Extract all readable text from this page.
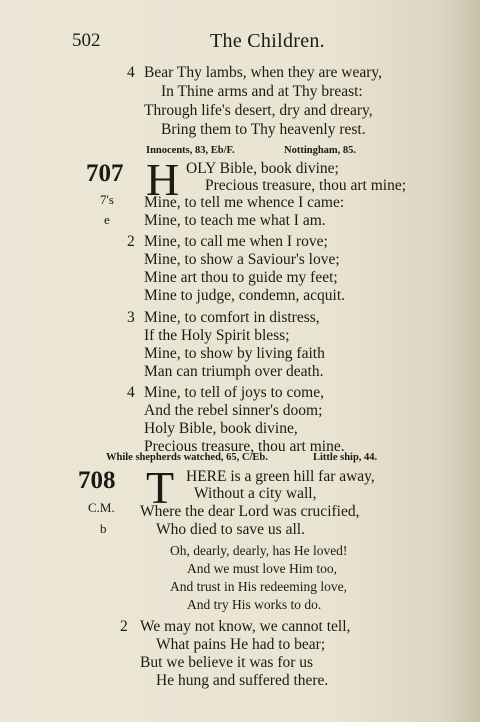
502	The Children.
4 Bear Thy lambs, when they are weary,
In Thine arms and at Thy breast:
Through life's desert, dry and dreary,
Bring them to Thy heavenly rest.
Innocents, 83, Eb/F.	Nottingham, 85.
707
7's
e
H OLY Bible, book divine;
Precious treasure, thou art mine;
Mine, to tell me whence I came:
Mine, to teach me what I am.
2 Mine, to call me when I rove;
Mine, to show a Saviour's love;
Mine art thou to guide my feet;
Mine to judge, condemn, acquit.
3 Mine, to comfort in distress,
If the Holy Spirit bless;
Mine, to show by living faith
Man can triumph over death.
4 Mine, to tell of joys to come,
And the rebel sinner's doom;
Holy Bible, book divine,
Precious treasure, thou art mine.
While shepherds watched, 65, C/Eb.	Little ship, 44.
708
C.M.
b
T HERE is a green hill far away,
Without a city wall,
Where the dear Lord was crucified,
Who died to save us all.
Oh, dearly, dearly, has He loved!
And we must love Him too,
And trust in His redeeming love,
And try His works to do.
2 We may not know, we cannot tell,
What pains He had to bear;
But we believe it was for us
He hung and suffered there.
